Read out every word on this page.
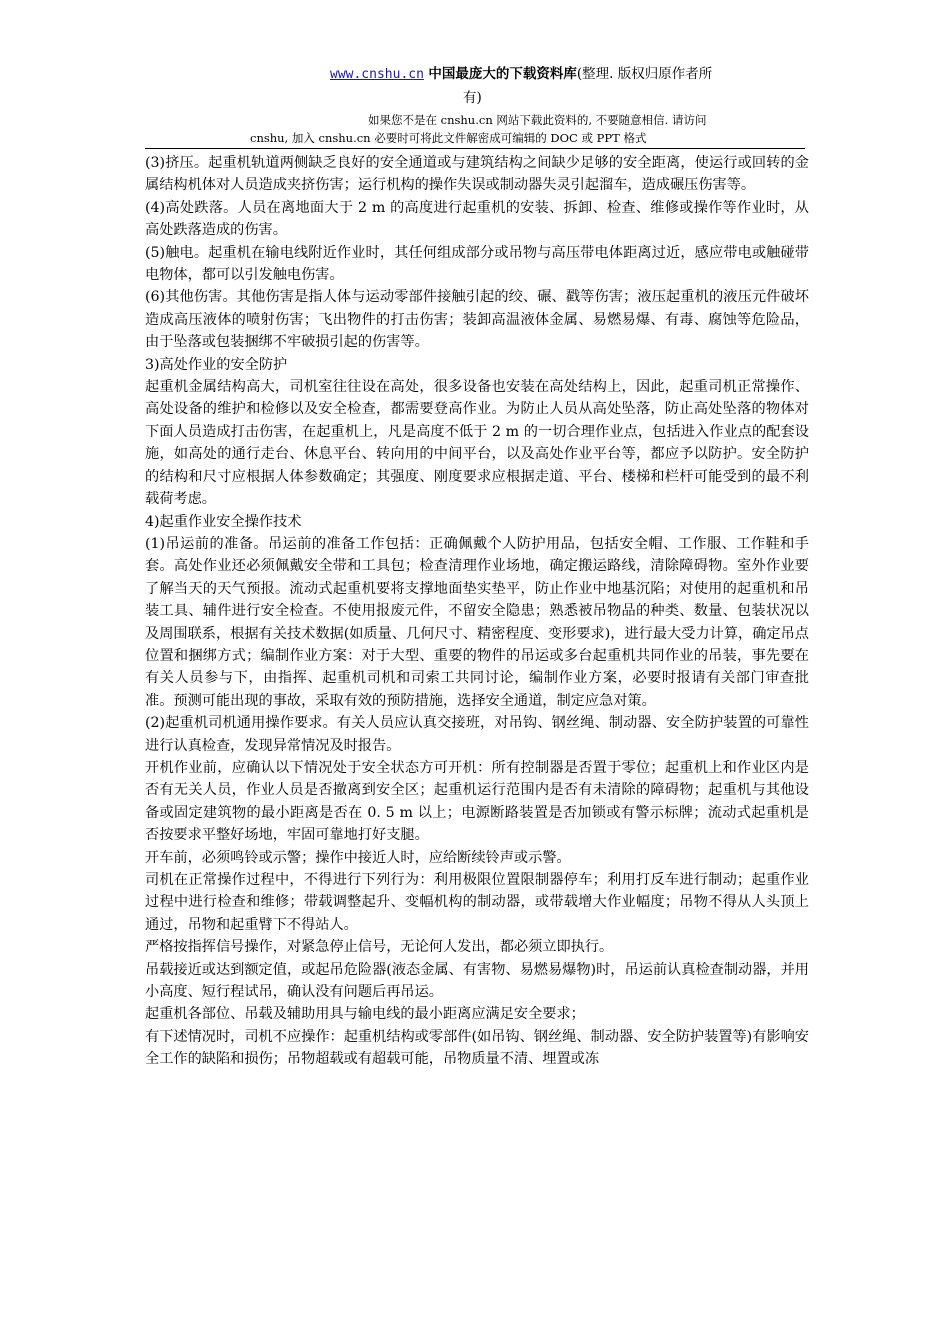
www.cnshu.cn 中国最庞大的下载资料库(整理. 版权归原作者所
有)
如果您不是在 cnshu.cn 网站下载此资料的, 不要随意相信. 请访问
cnshu, 加入 cnshu.cn 必要时可将此文件解密成可编辑的 DOC 或 PPT 格式

(3)挤压。起重机轨道两侧缺乏良好的安全通道或与建筑结构之间缺少足够的安全距离，使运行或回转的金属结构机体对人员造成夹挤伤害；运行机构的操作失误或制动器失灵引起溜车，造成碾压伤害等。

(4)高处跌落。人员在离地面大于 2 m 的高度进行起重机的安装、拆卸、检查、维修或操作等作业时，从高处跌落造成的伤害。

(5)触电。起重机在输电线附近作业时，其任何组成部分或吊物与高压带电体距离过近，感应带电或触碰带电物体，都可以引发触电伤害。

(6)其他伤害。其他伤害是指人体与运动零部件接触引起的绞、碾、戳等伤害；液压起重机的液压元件破坏造成高压液体的喷射伤害；飞出物件的打击伤害；装卸高温液体金属、易燃易爆、有毒、腐蚀等危险品，由于坠落或包装捆绑不牢破损引起的伤害等。

3)高处作业的安全防护

起重机金属结构高大，司机室往往设在高处，很多设备也安装在高处结构上，因此，起重司机正常操作、高处设备的维护和检修以及安全检查，都需要登高作业。为防止人员从高处坠落，防止高处坠落的物体对下面人员造成打击伤害，在起重机上，凡是高度不低于 2 m 的一切合理作业点，包括进入作业点的配套设施，如高处的通行走台、休息平台、转向用的中间平台，以及高处作业平台等，都应予以防护。安全防护的结构和尺寸应根据人体参数确定；其强度、刚度要求应根据走道、平台、楼梯和栏杆可能受到的最不利载荷考虑。

4)起重作业安全操作技术

(1)吊运前的准备。吊运前的准备工作包括：正确佩戴个人防护用品，包括安全帽、工作服、工作鞋和手套。高处作业还必须佩戴安全带和工具包；检查清理作业场地，确定搬运路线，清除障碍物。室外作业要了解当天的天气预报。流动式起重机要将支撑地面垫实垫平，防止作业中地基沉陷；对使用的起重机和吊装工具、辅件进行安全检查。不使用报废元件，不留安全隐患；熟悉被吊物品的种类、数量、包装状况以及周围联系，根据有关技术数据(如质量、几何尺寸、精密程度、变形要求)，进行最大受力计算，确定吊点位置和捆绑方式；编制作业方案：对于大型、重要的物件的吊运或多台起重机共同作业的吊装，事先要在有关人员参与下，由指挥、起重机司机和司索工共同讨论，编制作业方案，必要时报请有关部门审查批准。预测可能出现的事故，采取有效的预防措施，选择安全通道，制定应急对策。

(2)起重机司机通用操作要求。有关人员应认真交接班，对吊钩、钢丝绳、制动器、安全防护装置的可靠性进行认真检查，发现异常情况及时报告。

开机作业前，应确认以下情况处于安全状态方可开机：所有控制器是否置于零位；起重机上和作业区内是否有无关人员，作业人员是否撤离到安全区；起重机运行范围内是否有未清除的障碍物；起重机与其他设备或固定建筑物的最小距离是否在 0. 5 m 以上；电源断路装置是否加锁或有警示标牌；流动式起重机是否按要求平整好场地，牢固可靠地打好支腿。

开车前，必须鸣铃或示警；操作中接近人时，应给断续铃声或示警。

司机在正常操作过程中，不得进行下列行为：利用极限位置限制器停车；利用打反车进行制动；起重作业过程中进行检查和维修；带载调整起升、变幅机构的制动器，或带载增大作业幅度；吊物不得从人头顶上通过，吊物和起重臂下不得站人。

严格按指挥信号操作，对紧急停止信号，无论何人发出，都必须立即执行。

吊载接近或达到额定值，或起吊危险器(液态金属、有害物、易燃易爆物)时，吊运前认真检查制动器，并用小高度、短行程试吊，确认没有问题后再吊运。

起重机各部位、吊载及辅助用具与输电线的最小距离应满足安全要求；

有下述情况时，司机不应操作：起重机结构或零部件(如吊钩、钢丝绳、制动器、安全防护装置等)有影响安全工作的缺陷和损伤；吊物超载或有超载可能，吊物质量不清、埋置或冻
